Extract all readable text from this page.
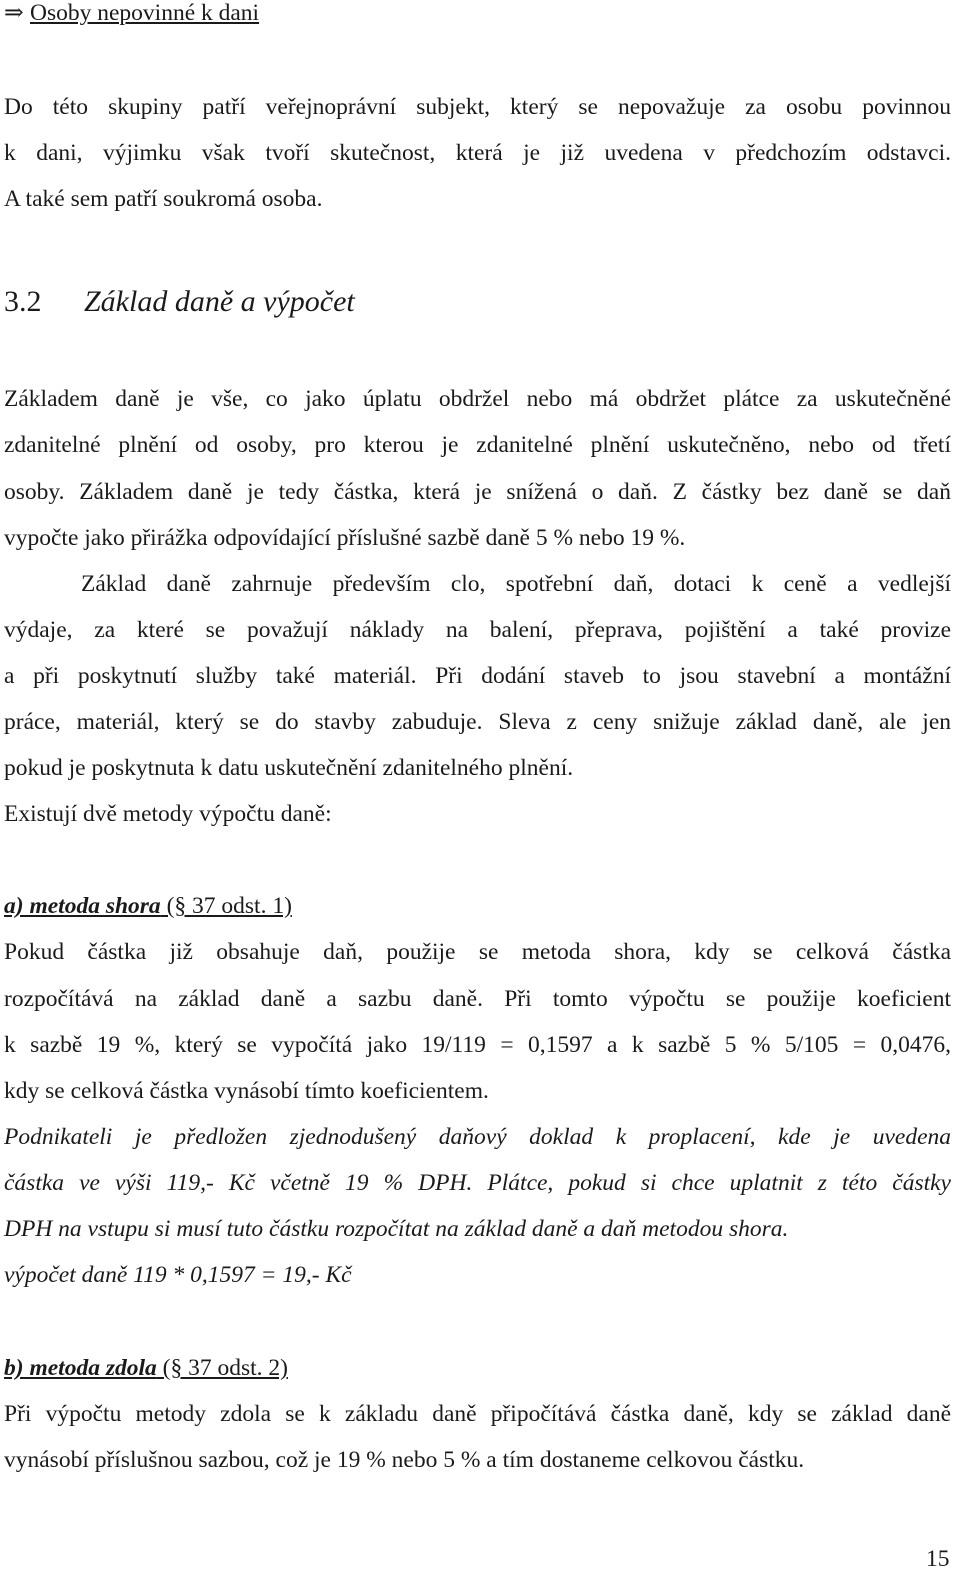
⇒ Osoby nepovinné k dani
Do této skupiny patří veřejnoprávní subjekt, který se nepovažuje za osobu povinnou
k dani, výjimku však tvoří skutečnost, která je již uvedena v předchozím odstavci.
A také sem patří soukromá osoba.
3.2 Základ daně a výpočet
Základem daně je vše, co jako úplatu obdržel nebo má obdržet plátce za uskutečněné
zdanitelné plnění od osoby, pro kterou je zdanitelné plnění uskutečněno, nebo od třetí
osoby. Základem daně je tedy částka, která je snížená o daň. Z částky bez daně se daň
vypočte jako přirážka odpovídající příslušné sazbě daně 5 % nebo 19 %.
Základ daně zahrnuje především clo, spotřební daň, dotaci k ceně a vedlejší
výdaje, za které se považují náklady na balení, přeprava, pojištění a také provize
a při poskytnutí služby také materiál. Při dodání staveb to jsou stavební a montážní
práce, materiál, který se do stavby zabuduje. Sleva z ceny snižuje základ daně, ale jen
pokud je poskytnuta k datu uskutečnění zdanitelného plnění.
Existují dvě metody výpočtu daně:
a) metoda shora (§ 37 odst. 1)
Pokud částka již obsahuje daň, použije se metoda shora, kdy se celková částka
rozpočítává na základ daně a sazbu daně. Při tomto výpočtu se použije koeficient
k sazbě 19 %, který se vypočítá jako 19/119 = 0,1597 a k sazbě 5 % 5/105 = 0,0476,
kdy se celková částka vynásobí tímto koeficientem.
Podnikateli je předložen zjednodušený daňový doklad k proplacení, kde je uvedena
částka ve výši 119,- Kč včetně 19 % DPH. Plátce, pokud si chce uplatnit z této částky
DPH na vstupu si musí tuto částku rozpočítat na základ daně a daň metodou shora.
výpočet daně 119 * 0,1597 = 19,- Kč
b) metoda zdola (§ 37 odst. 2)
Při výpočtu metody zdola se k základu daně připočítává částka daně, kdy se základ daně
vynásobí příslušnou sazbou, což je 19 % nebo 5 % a tím dostaneme celkovou částku.
15
